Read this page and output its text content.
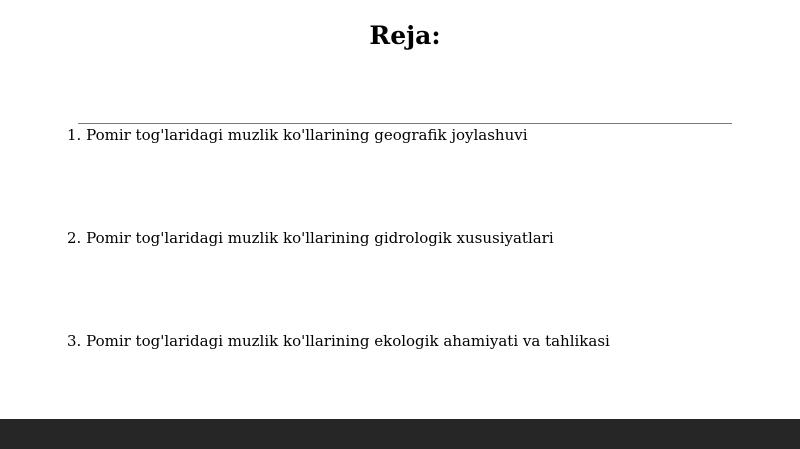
Reja:
1. Pomir tog'laridagi muzlik ko'llarining geografik joylashuvi
2. Pomir tog'laridagi muzlik ko'llarining gidrologik xususiyatlari
3. Pomir tog'laridagi muzlik ko'llarining ekologik ahamiyati va tahlikasi
